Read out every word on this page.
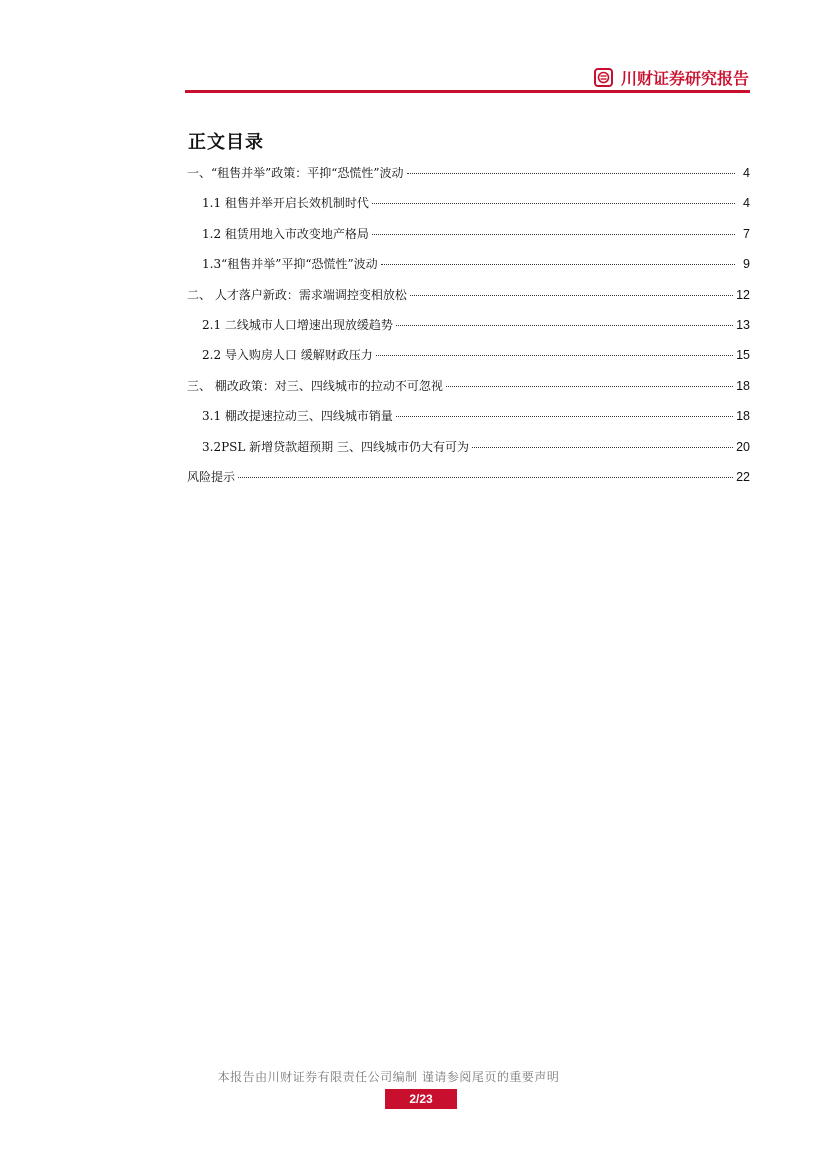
川财证券研究报告
正文目录
一、“租售并举”政策：平抑“恐慌性”波动	4
1.1 租售并举开启长效机制时代	4
1.2 租赁用地入市改变地产格局	7
1.3“租售并举”平抑“恐慌性”波动	9
二、 人才落户新政：需求端调控变相放松	12
2.1 二线城市人口增速出现放缓趋势	13
2.2 导入购房人口 缓解财政压力	15
三、 棚改政策：对三、四线城市的拉动不可忽视	18
3.1 棚改提速拉动三、四线城市销量	18
3.2PSL 新增贷款超预期 三、四线城市仍大有可为	20
风险提示	22
本报告由川财证券有限责任公司编制 谨请参阅尾页的重要声明
2/23
